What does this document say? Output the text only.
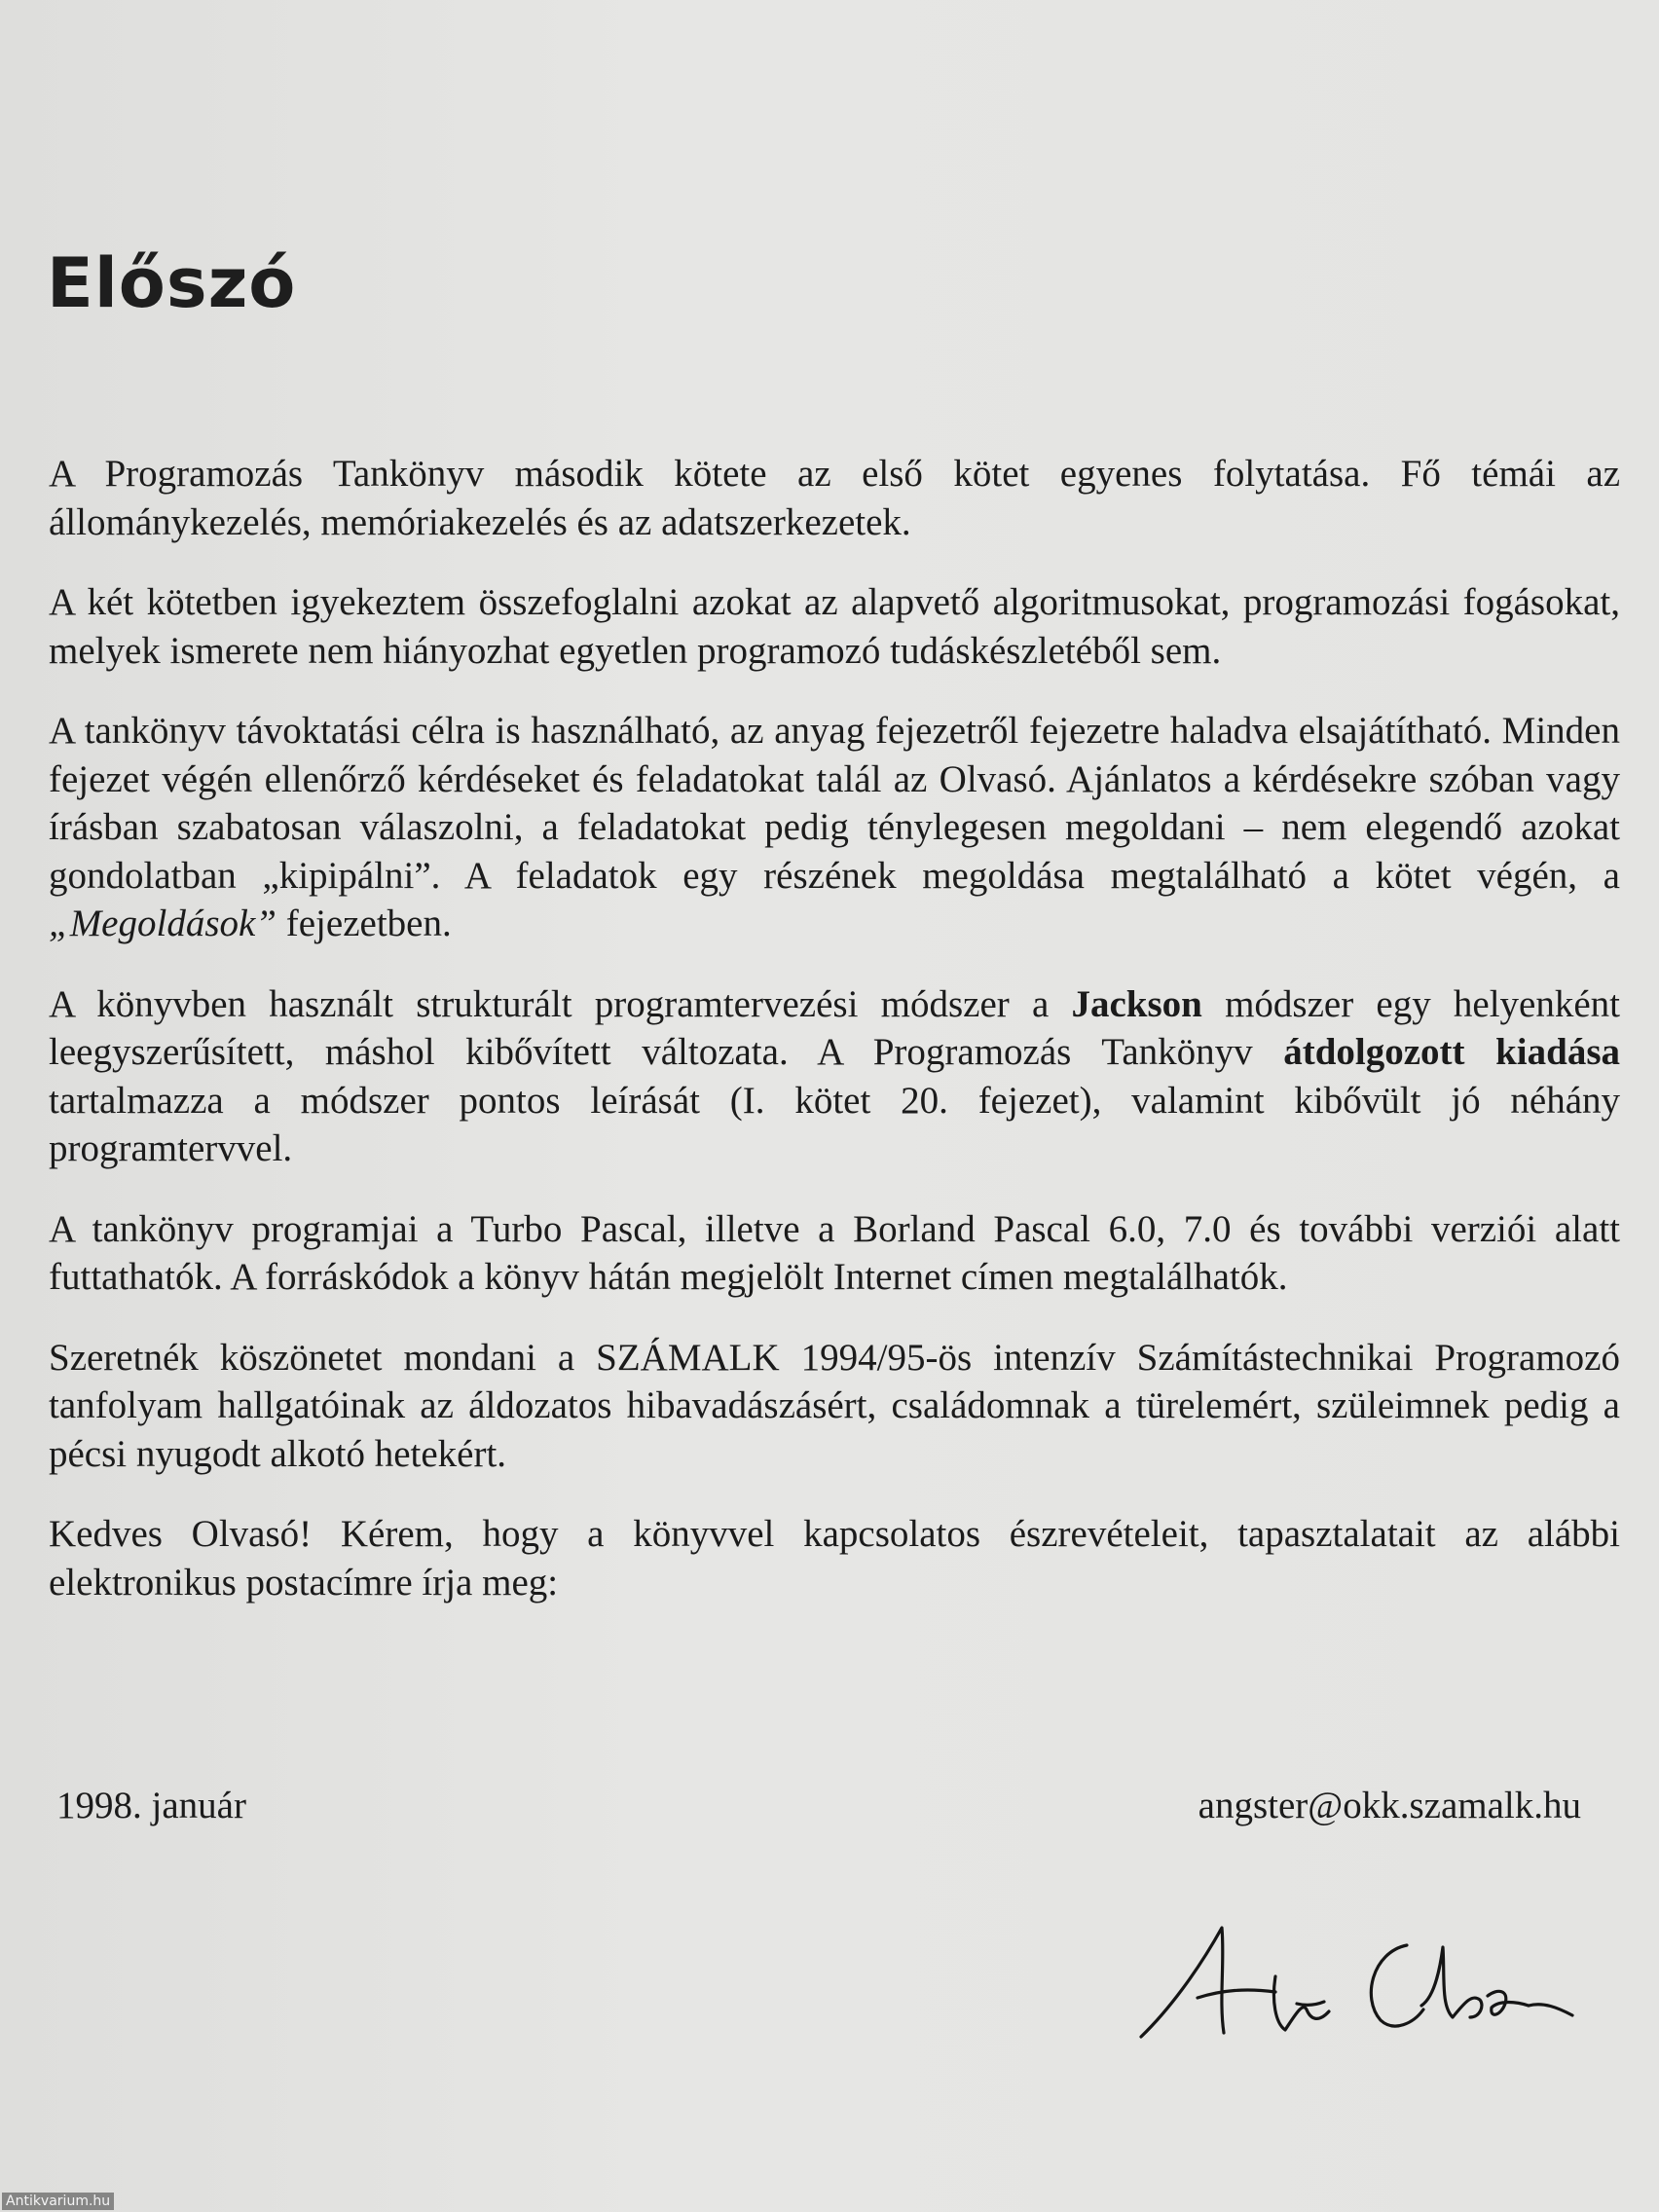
Előszó

A Programozás Tankönyv második kötete az első kötet egyenes folytatása. Fő témái az állománykezelés, memóriakezelés és az adatszerkezetek.

A két kötetben igyekeztem összefoglalni azokat az alapvető algoritmusokat, programozási fogásokat, melyek ismerete nem hiányozhat egyetlen programozó tudáskészletéből sem.

A tankönyv távoktatási célra is használható, az anyag fejezetről fejezetre haladva elsajátítható. Minden fejezet végén ellenőrző kérdéseket és feladatokat talál az Olvasó. Ajánlatos a kérdésekre szóban vagy írásban szabatosan válaszolni, a feladatokat pedig ténylegesen megoldani – nem elegendő azokat gondolatban „kipipálni”. A feladatok egy részének megoldása megtalálható a kötet végén, a „Megoldások” fejezetben.

A könyvben használt strukturált programtervezési módszer a Jackson módszer egy helyenként leegyszerűsített, máshol kibővített változata. A Programozás Tankönyv átdolgozott kiadása tartalmazza a módszer pontos leírását (I. kötet 20. fejezet), valamint kibővült jó néhány programtervvel.

A tankönyv programjai a Turbo Pascal, illetve a Borland Pascal 6.0, 7.0 és további verziói alatt futtathatók. A forráskódok a könyv hátán megjelölt Internet címen megtalálhatók.

Szeretnék köszönetet mondani a SZÁMALK 1994/95-ös intenzív Számítástechnikai Programozó tanfolyam hallgatóinak az áldozatos hibavadászásért, családomnak a türelemért, szüleimnek pedig a pécsi nyugodt alkotó hetekért.

Kedves Olvasó! Kérem, hogy a könyvvel kapcsolatos észrevételeit, tapasztalatait az alábbi elektronikus postacímre írja meg:

1998. január	angster@okk.szamalk.hu
Antikvarium.hu
